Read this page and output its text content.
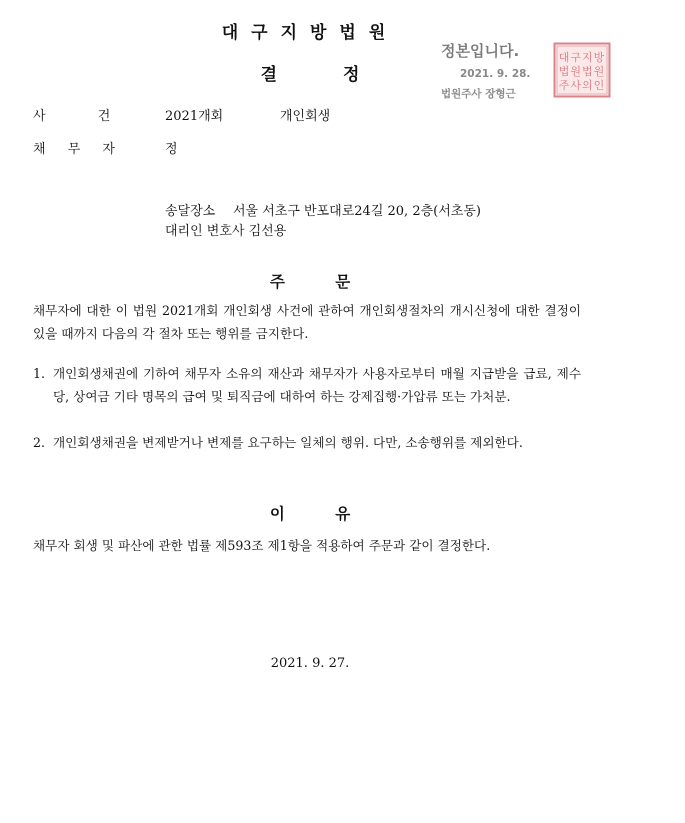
대구지방법원
결 정
정본입니다.
2021. 9. 28.
법원주사 장형근
대구지방
법원법원
주사의인
사 건	2021개회	개인회생
채 무 자	정
송달장소 서울 서초구 반포대로24길 20, 2층(서초동)
대리인 변호사 김선용
주 문
채무자에 대한 이 법원 2021개회 개인회생 사건에 관하여 개인회생절차의 개시신청에 대한 결정이 있을 때까지 다음의 각 절차 또는 행위를 금지한다.
1. 개인회생채권에 기하여 채무자 소유의 재산과 채무자가 사용자로부터 매월 지급받을 급료, 제수당, 상여금 기타 명목의 급여 및 퇴직금에 대하여 하는 강제집행·가압류 또는 가처분.
2. 개인회생채권을 변제받거나 변제를 요구하는 일체의 행위. 다만, 소송행위를 제외한다.
이 유
채무자 회생 및 파산에 관한 법률 제593조 제1항을 적용하여 주문과 같이 결정한다.
2021. 9. 27.
